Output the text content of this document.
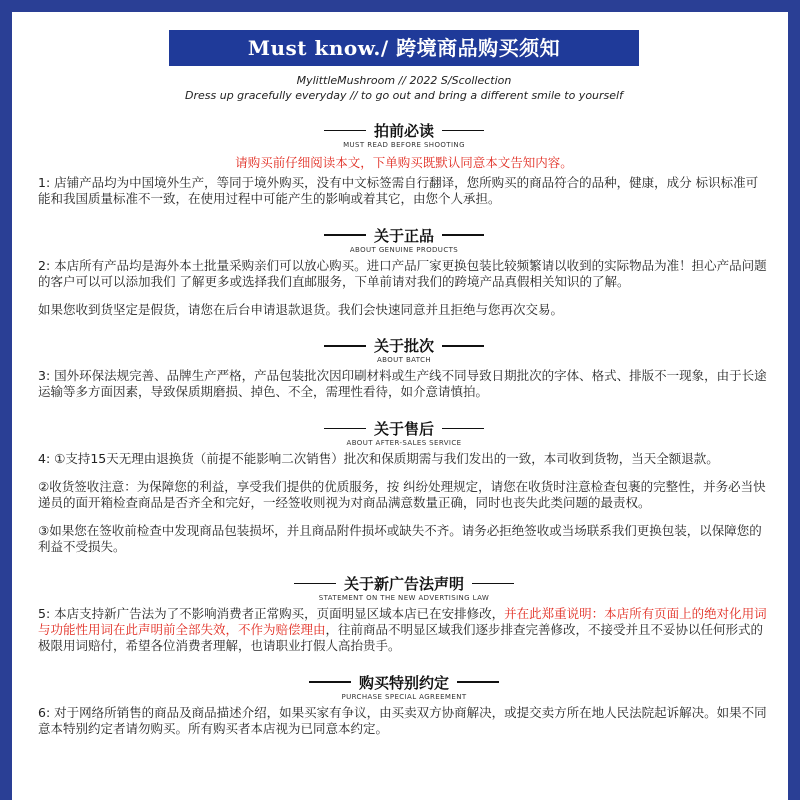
Must know./ 跨境商品购买须知
MylittleMushroom // 2022 S/Scollection
Dress up gracefully everyday // to go out and bring a different smile to yourself
拍前必读
MUST READ BEFORE SHOOTING
请购买前仔细阅读本文，下单购买既默认同意本文告知内容。

1: 店铺产品均为中国境外生产，等同于境外购买，没有中文标签需自行翻译，您所购买的商品符合的品种，健康，成分 标识标准可能和我国质量标准不一致，在使用过程中可能产生的影响或着其它，由您个人承担。

关于正品
ABOUT GENUINE PRODUCTS

2: 本店所有产品均是海外本土批量采购亲们可以放心购买。进口产品厂家更换包装比较频繁请以收到的实际物品为准！担心产品问题的客户可以可以添加我们 了解更多或选择我们直邮服务，下单前请对我们的跨境产品真假相关知识的了解。

如果您收到货坚定是假货，请您在后台申请退款退货。我们会快速同意并且拒绝与您再次交易。

关于批次
ABOUT BATCH

3: 国外环保法规完善、品牌生产严格，产品包装批次因印刷材料或生产线不同导致日期批次的字体、格式、排版不一现象，由于长途运输等多方面因素，导致保质期磨损、掉色、不全，需理性看待，如介意请慎拍。

关于售后
ABOUT AFTER-SALES SERVICE

4: ①支持15天无理由退换货（前提不能影响二次销售）批次和保质期需与我们发出的一致，本司收到货物，当天全额退款。

②收货签收注意：为保障您的利益，享受我们提供的优质服务，按 纠纷处理规定，请您在收货时注意检查包裹的完整性，并务必当快递员的面开箱检查商品是否齐全和完好，一经签收则视为对商品满意数量正确，同时也丧失此类问题的最责权。

③如果您在签收前检查中发现商品包装损坏，并且商品附件损坏或缺失不齐。请务必拒绝签收或当场联系我们更换包装，以保障您的利益不受损失。

关于新广告法声明
STATEMENT ON THE NEW ADVERTISING LAW

5: 本店支持新广告法为了不影响消费者正常购买，页面明显区域本店已在安排修改，并在此郑重说明：本店所有页面上的绝对化用词与功能性用词在此声明前全部失效，不作为赔偿理由，往前商品不明显区域我们逐步排查完善修改，不接受并且不妥协以任何形式的极限用词赔付，希望各位消费者理解，也请职业打假人高抬贵手。

购买特别约定
PURCHASE SPECIAL AGREEMENT

6: 对于网络所销售的商品及商品描述介绍，如果买家有争议，由买卖双方协商解决，或提交卖方所在地人民法院起诉解决。如果不同意本特别约定者请勿购买。所有购买者本店视为已同意本约定。
